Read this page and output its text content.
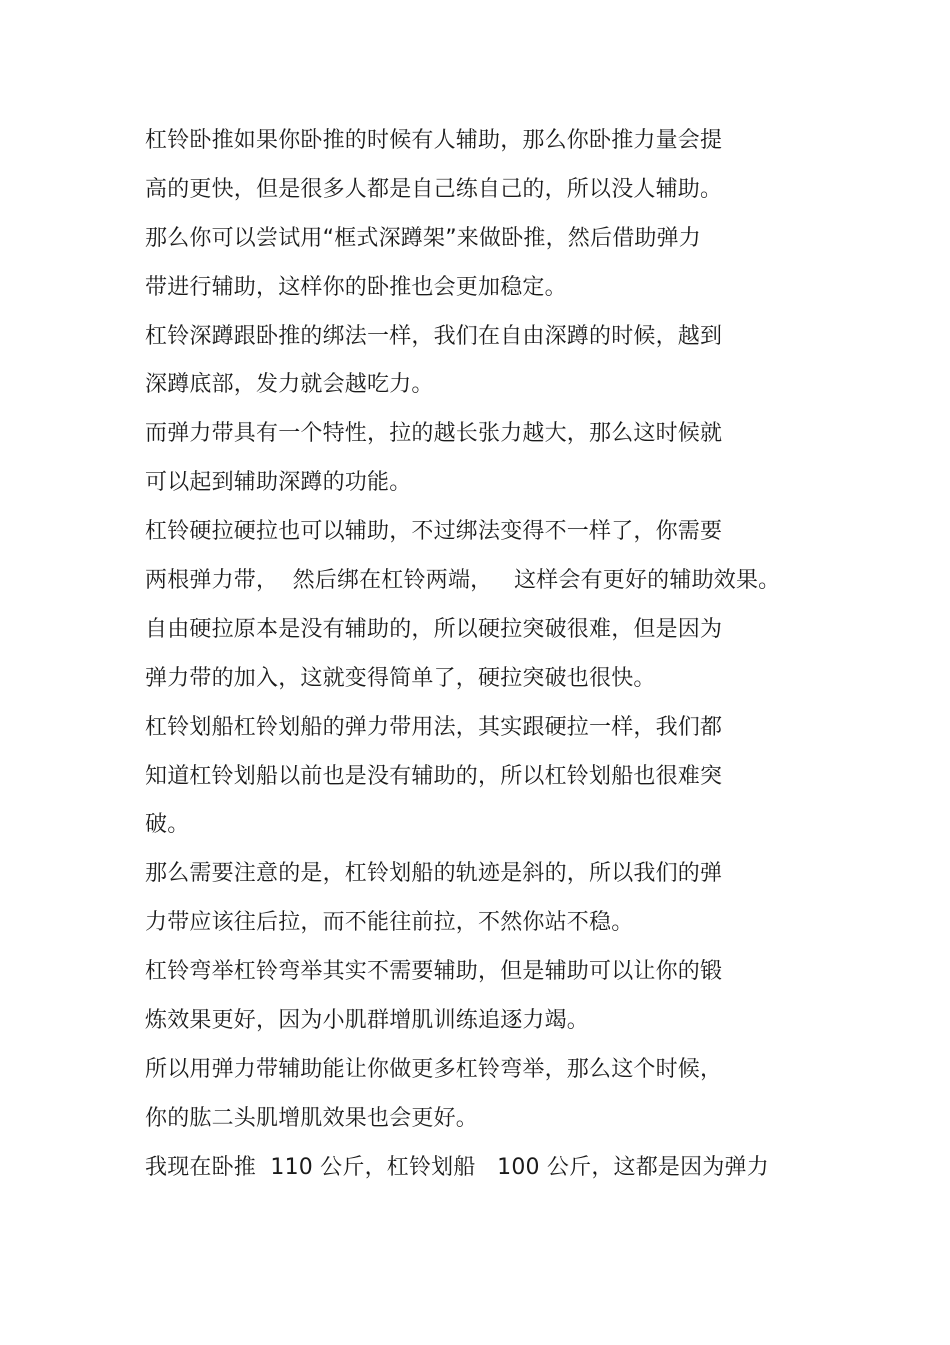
杠铃卧推如果你卧推的时候有人辅助，那么你卧推力量会提
高的更快，但是很多人都是自己练自己的，所以没人辅助。
那么你可以尝试用“框式深蹲架”来做卧推，然后借助弹力
带进行辅助，这样你的卧推也会更加稳定。
杠铃深蹲跟卧推的绑法一样，我们在自由深蹲的时候，越到
深蹲底部，发力就会越吃力。
而弹力带具有一个特性，拉的越长张力越大，那么这时候就
可以起到辅助深蹲的功能。
杠铃硬拉硬拉也可以辅助，不过绑法变得不一样了，你需要
两根弹力带，  然后绑在杠铃两端，   这样会有更好的辅助效果。
自由硬拉原本是没有辅助的，所以硬拉突破很难，但是因为
弹力带的加入，这就变得简单了，硬拉突破也很快。
杠铃划船杠铃划船的弹力带用法，其实跟硬拉一样，我们都
知道杠铃划船以前也是没有辅助的，所以杠铃划船也很难突
破。
那么需要注意的是，杠铃划船的轨迹是斜的，所以我们的弹
力带应该往后拉，而不能往前拉，不然你站不稳。
杠铃弯举杠铃弯举其实不需要辅助，但是辅助可以让你的锻
炼效果更好，因为小肌群增肌训练追逐力竭。
所以用弹力带辅助能让你做更多杠铃弯举，那么这个时候，
你的肱二头肌增肌效果也会更好。
我现在卧推  110 公斤，杠铃划船   100 公斤，这都是因为弹力
